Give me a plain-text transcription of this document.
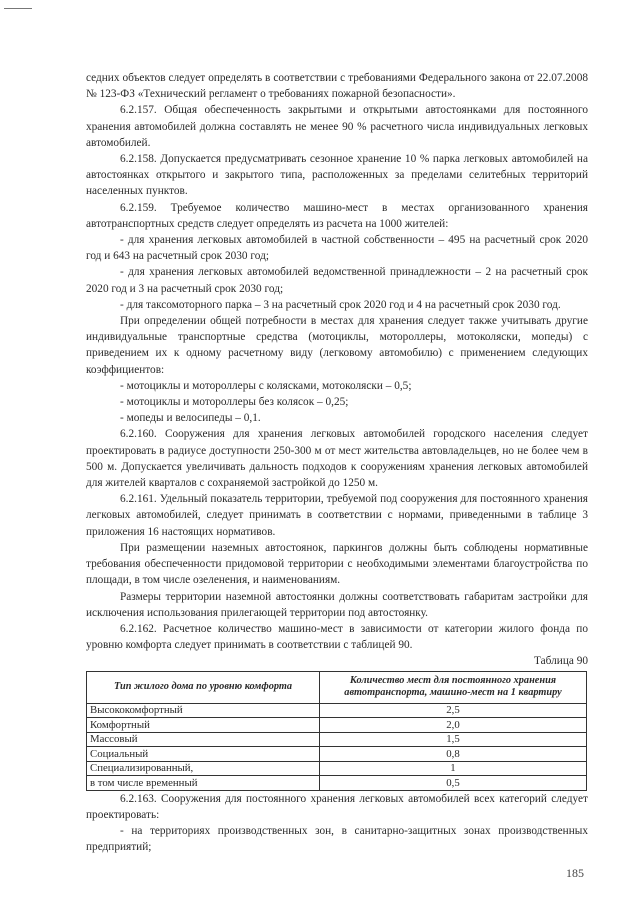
седних объектов следует определять в соответствии с требованиями Федерального закона от 22.07.2008 № 123-ФЗ «Технический регламент о требованиях пожарной безопасности».

6.2.157. Общая обеспеченность закрытыми и открытыми автостоянками для постоянного хранения автомобилей должна составлять не менее 90 % расчетного числа индивидуальных легковых автомобилей.

6.2.158. Допускается предусматривать сезонное хранение 10 % парка легковых автомобилей на автостоянках открытого и закрытого типа, расположенных за пределами селитебных территорий населенных пунктов.

6.2.159. Требуемое количество машино-мест в местах организованного хранения автотранспортных средств следует определять из расчета на 1000 жителей:

- для хранения легковых автомобилей в частной собственности – 495 на расчетный срок 2020 год и 643 на расчетный срок 2030 год;

- для хранения легковых автомобилей ведомственной принадлежности – 2 на расчетный срок 2020 год и 3 на расчетный срок 2030 год;

- для таксомоторного парка – 3 на расчетный срок 2020 год и 4 на расчетный срок 2030 год.

При определении общей потребности в местах для хранения следует также учитывать другие индивидуальные транспортные средства (мотоциклы, мотороллеры, мотоколяски, мопеды) с приведением их к одному расчетному виду (легковому автомобилю) с применением следующих коэффициентов:

- мотоциклы и мотороллеры с колясками, мотоколяски – 0,5;

- мотоциклы и мотороллеры без колясок – 0,25;

- мопеды и велосипеды – 0,1.

6.2.160. Сооружения для хранения легковых автомобилей городского населения следует проектировать в радиусе доступности 250-300 м от мест жительства автовладельцев, но не более чем в 500 м. Допускается увеличивать дальность подходов к сооружениям хранения легковых автомобилей для жителей кварталов с сохраняемой застройкой до 1250 м.

6.2.161. Удельный показатель территории, требуемой под сооружения для постоянного хранения легковых автомобилей, следует принимать в соответствии с нормами, приведенными в таблице 3 приложения 16 настоящих нормативов.

При размещении наземных автостоянок, паркингов должны быть соблюдены нормативные требования обеспеченности придомовой территории с необходимыми элементами благоустройства по площади, в том числе озеленения, и наименованиям.

Размеры территории наземной автостоянки должны соответствовать габаритам застройки для исключения использования прилегающей территории под автостоянку.

6.2.162. Расчетное количество машино-мест в зависимости от категории жилого фонда по уровню комфорта следует принимать в соответствии с таблицей 90.

Таблица 90

Тип жилого дома по уровню комфорта	Количество мест для постоянного хранения автотранспорта, машино-мест на 1 квартиру
Высококомфортный	2,5
Комфортный	2,0
Массовый	1,5
Социальный	0,8
Специализированный,	1
в том числе временный	0,5

6.2.163. Сооружения для постоянного хранения легковых автомобилей всех категорий следует проектировать:

- на территориях производственных зон, в санитарно-защитных зонах производственных предприятий;

185
